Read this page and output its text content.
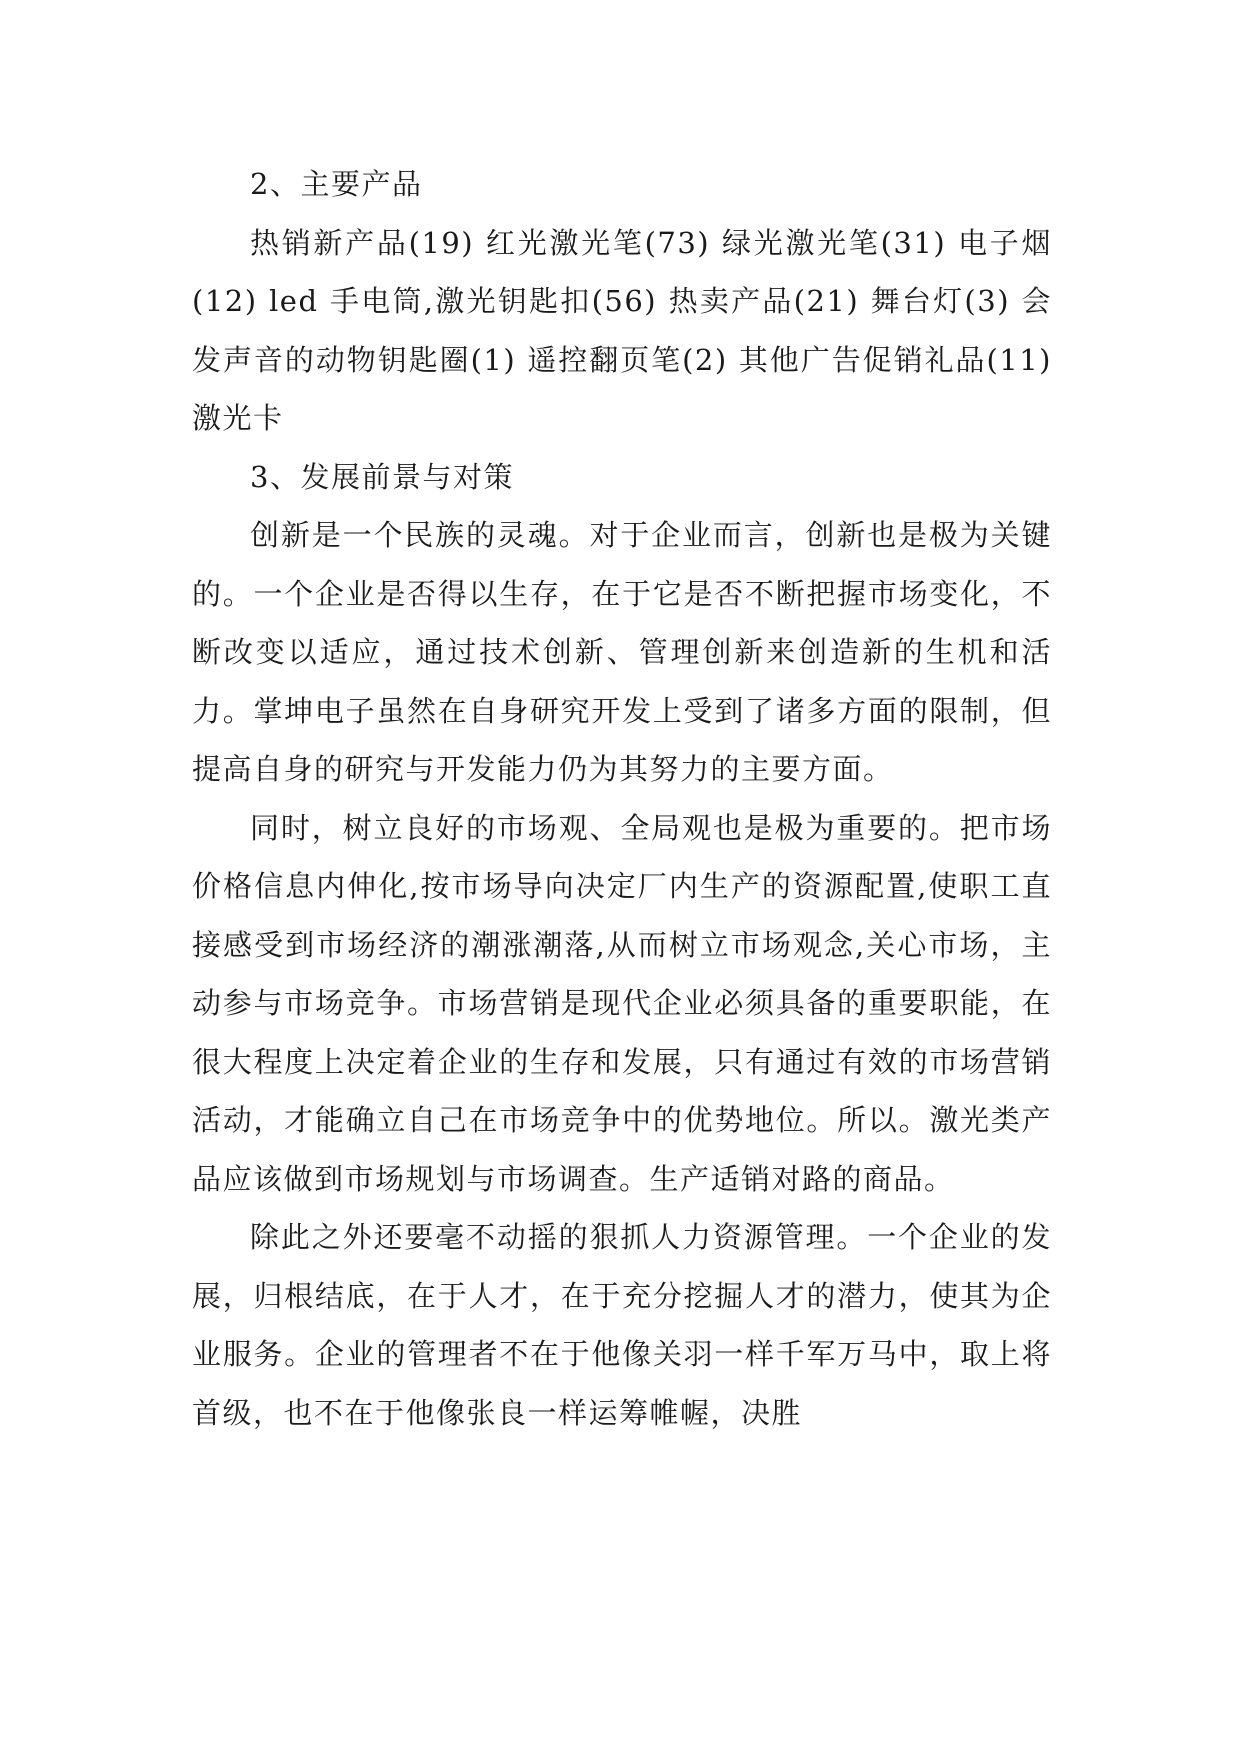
2、主要产品

热销新产品(19) 红光激光笔(73) 绿光激光笔(31) 电子烟(12) led 手电筒,激光钥匙扣(56) 热卖产品(21) 舞台灯(3) 会发声音的动物钥匙圈(1) 遥控翻页笔(2) 其他广告促销礼品(11) 激光卡

3、发展前景与对策

创新是一个民族的灵魂。对于企业而言，创新也是极为关键的。一个企业是否得以生存，在于它是否不断把握市场变化，不断改变以适应，通过技术创新、管理创新来创造新的生机和活力。掌坤电子虽然在自身研究开发上受到了诸多方面的限制，但提高自身的研究与开发能力仍为其努力的主要方面。

同时，树立良好的市场观、全局观也是极为重要的。把市场价格信息内伸化,按市场导向决定厂内生产的资源配置,使职工直接感受到市场经济的潮涨潮落,从而树立市场观念,关心市场，主动参与市场竞争。市场营销是现代企业必须具备的重要职能，在很大程度上决定着企业的生存和发展，只有通过有效的市场营销活动，才能确立自己在市场竞争中的优势地位。所以。激光类产品应该做到市场规划与市场调查。生产适销对路的商品。

除此之外还要毫不动摇的狠抓人力资源管理。一个企业的发展，归根结底，在于人才，在于充分挖掘人才的潜力，使其为企业服务。企业的管理者不在于他像关羽一样千军万马中，取上将首级，也不在于他像张良一样运筹帷幄，决胜
